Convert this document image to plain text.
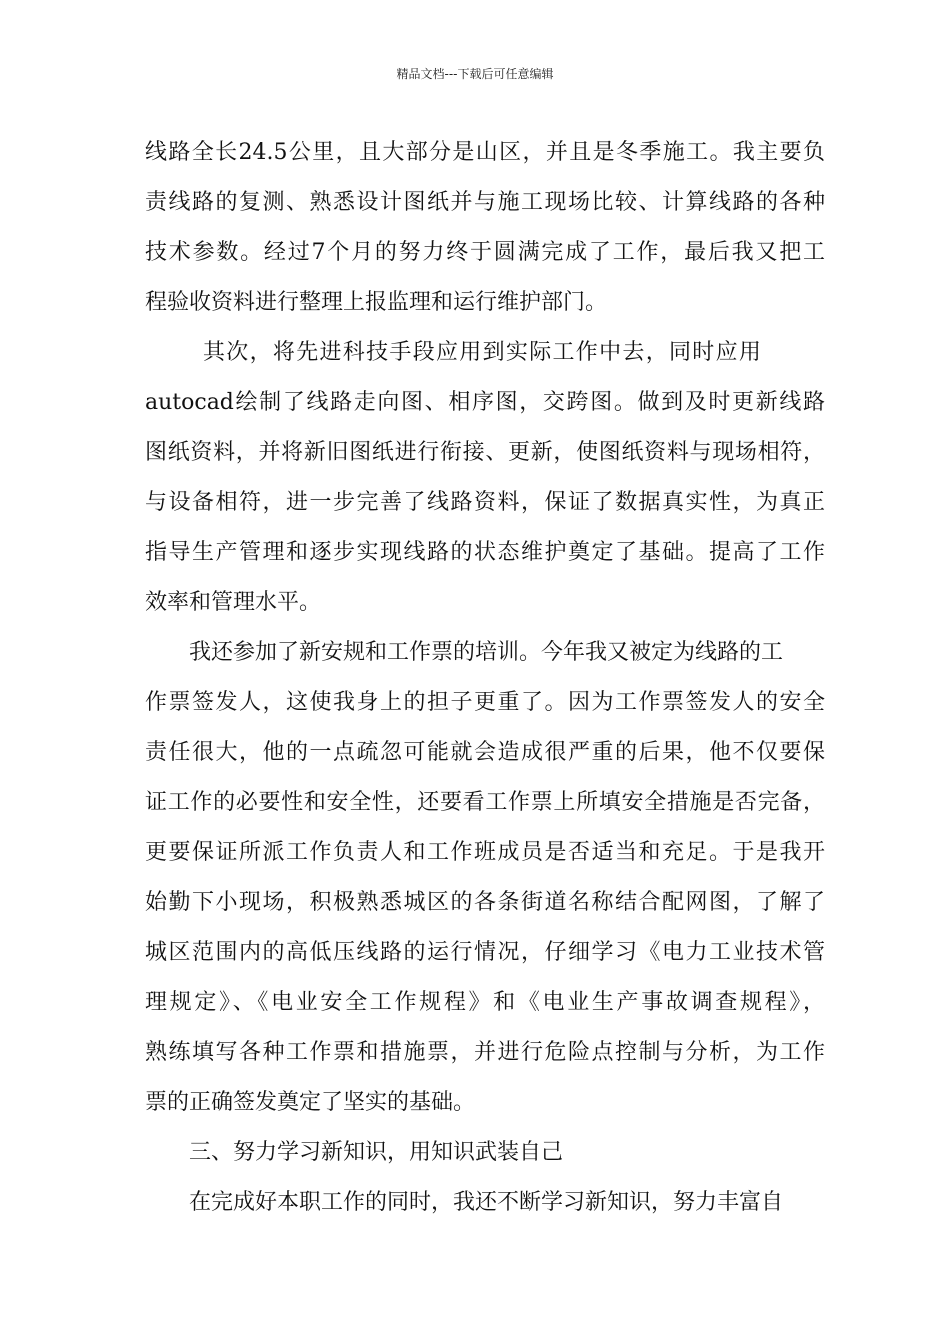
精品文档---下载后可任意编辑
线路全长24.5公里，且大部分是山区，并且是冬季施工。我主要负
责线路的复测、熟悉设计图纸并与施工现场比较、计算线路的各种
技术参数。经过7个月的努力终于圆满完成了工作，最后我又把工
程验收资料进行整理上报监理和运行维护部门。
其次，将先进科技手段应用到实际工作中去，同时应用
autocad绘制了线路走向图、相序图，交跨图。做到及时更新线路
图纸资料，并将新旧图纸进行衔接、更新，使图纸资料与现场相符，
与设备相符，进一步完善了线路资料，保证了数据真实性，为真正
指导生产管理和逐步实现线路的状态维护奠定了基础。提高了工作
效率和管理水平。
我还参加了新安规和工作票的培训。今年我又被定为线路的工
作票签发人，这使我身上的担子更重了。因为工作票签发人的安全
责任很大，他的一点疏忽可能就会造成很严重的后果，他不仅要保
证工作的必要性和安全性，还要看工作票上所填安全措施是否完备，
更要保证所派工作负责人和工作班成员是否适当和充足。于是我开
始勤下小现场，积极熟悉城区的各条街道名称结合配网图，了解了
城区范围内的高低压线路的运行情况，仔细学习《电力工业技术管
理规定》、《电业安全工作规程》和《电业生产事故调查规程》，
熟练填写各种工作票和措施票，并进行危险点控制与分析，为工作
票的正确签发奠定了坚实的基础。
三、努力学习新知识，用知识武装自己
在完成好本职工作的同时，我还不断学习新知识，努力丰富自
